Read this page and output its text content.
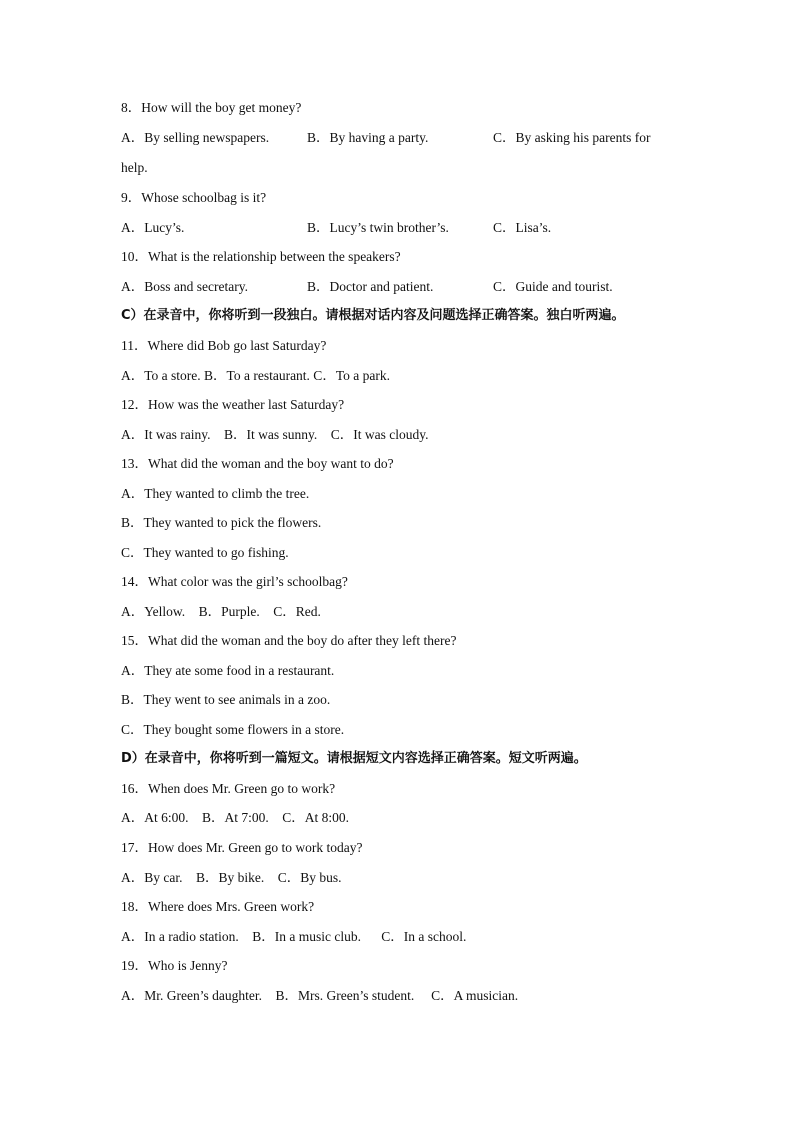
8．How will the boy get money?
A．By selling newspapers.	B．By having a party.	C．By asking his parents for
help.
9．Whose schoolbag is it?
A．Lucy’s.	B．Lucy’s twin brother’s.	C．Lisa’s.
10．What is the relationship between the speakers?
A．Boss and secretary.	B．Doctor and patient.	C．Guide and tourist.
C）在录音中，你将听到一段独白。请根据对话内容及问题选择正确答案。独白听两遍。
11．Where did Bob go last Saturday?
A．To a store. B．To a restaurant. C．To a park.
12．How was the weather last Saturday?
A．It was rainy.    B．It was sunny.    C．It was cloudy.
13．What did the woman and the boy want to do?
A．They wanted to climb the tree.
B．They wanted to pick the flowers.
C．They wanted to go fishing.
14．What color was the girl’s schoolbag?
A．Yellow.    B．Purple.    C．Red.
15．What did the woman and the boy do after they left there?
A．They ate some food in a restaurant.
B．They went to see animals in a zoo.
C．They bought some flowers in a store.
D）在录音中，你将听到一篇短文。请根据短文内容选择正确答案。短文听两遍。
16．When does Mr. Green go to work?
A．At 6:00.    B．At 7:00.    C．At 8:00.
17．How does Mr. Green go to work today?
A．By car.    B．By bike.    C．By bus.
18．Where does Mrs. Green work?
A．In a radio station.    B．In a music club.      C．In a school.
19．Who is Jenny?
A．Mr. Green’s daughter.    B．Mrs. Green’s student.     C．A musician.
